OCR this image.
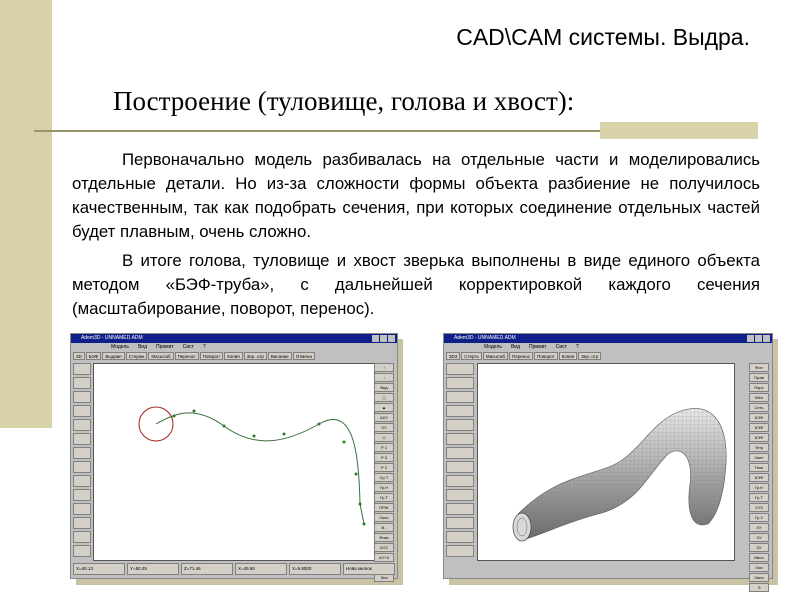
CAD\CAM системы. Выдра.
Построение (туловище, голова и хвост):

Первоначально модель разбивалась на отдельные части и моделировались отдельные детали. Но из-за сложности формы объекта разбиение не получилось качественным, так как подобрать сечения, при которых соединение отдельных частей будет плавным, очень сложно.

В итоге голова, туловище и хвост зверька выполнены в виде единого объекта методом «БЭФ-труба», с дальнейшей корректировкой каждого сечения (масштабирование, поворот, перенос).

Adem3D - UNNAMED.ADM
Модель Вид Примит Сист ?
3D	БЭФ	Выдавл	Стержн	Масштаб	Перенос	Поворот	Копия	Зер..отр	Висание	Отмена
↑
↓
Вид
◻
▲
ΔXY
XY
◇
P 1
P 3
P 2
Ср.Т
Гр.Н
Гр.Т
ПРЖ
Окно
В..
Фоки
ΔYZ
ΔY+0
Эпи
X=40.13	Y=50.25	Z=71.46	X=45.90	X=5.9000	Нова кнопок
Adem3D - UNNAMED.ADM
Модель Вид Примит Сист ?
3D3	Стерть	Масштаб	Перенос	Поворот	Копия	Зер..отр
Фон
Прав
Перс
Wire
Сеть
БЭФ
БЭФ
БЭФ
Тетр
Свет
Тень
БЭФ
Гр.Н
Гр.Т
СУЗ
Гр.2
ХУ
ХУ
ZX
Ивол
Оси
Окно
Э
